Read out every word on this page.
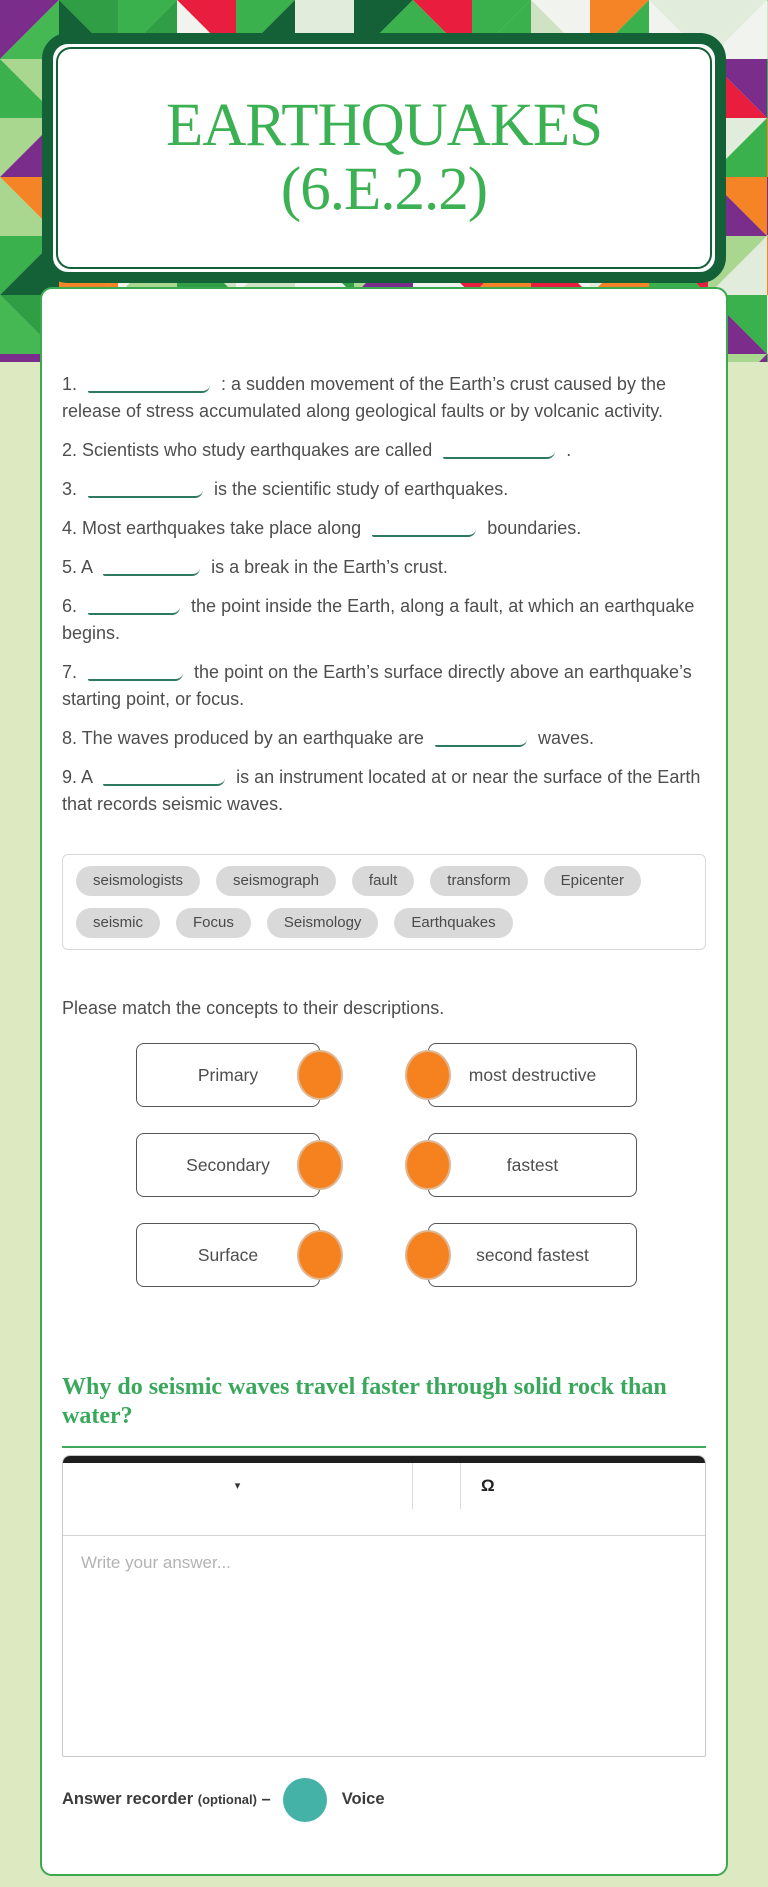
EARTHQUAKES
(6.E.2.2)

1.	: a sudden movement of the Earth’s crust caused by the release of stress accumulated along geological faults or by volcanic activity.

2. Scientists who study earthquakes are called	.

3.	is the scientific study of earthquakes.

4. Most earthquakes take place along	boundaries.

5. A	is a break in the Earth’s crust.

6.	the point inside the Earth, along a fault, at which an earthquake begins.

7.	the point on the Earth’s surface directly above an earthquake’s starting point, or focus.

8. The waves produced by an earthquake are	waves.

9. A	is an instrument located at or near the surface of the Earth that records seismic waves.

seismologists	seismograph	fault	transform	Epicenter
seismic	Focus	Seismology	Earthquakes

Please match the concepts to their descriptions.

Primary	most destructive
Secondary	fastest
Surface	second fastest
Why do seismic waves travel faster through solid rock than water?
▾	Ω
Write your answer...
Answer recorder (optional) –	Voice
